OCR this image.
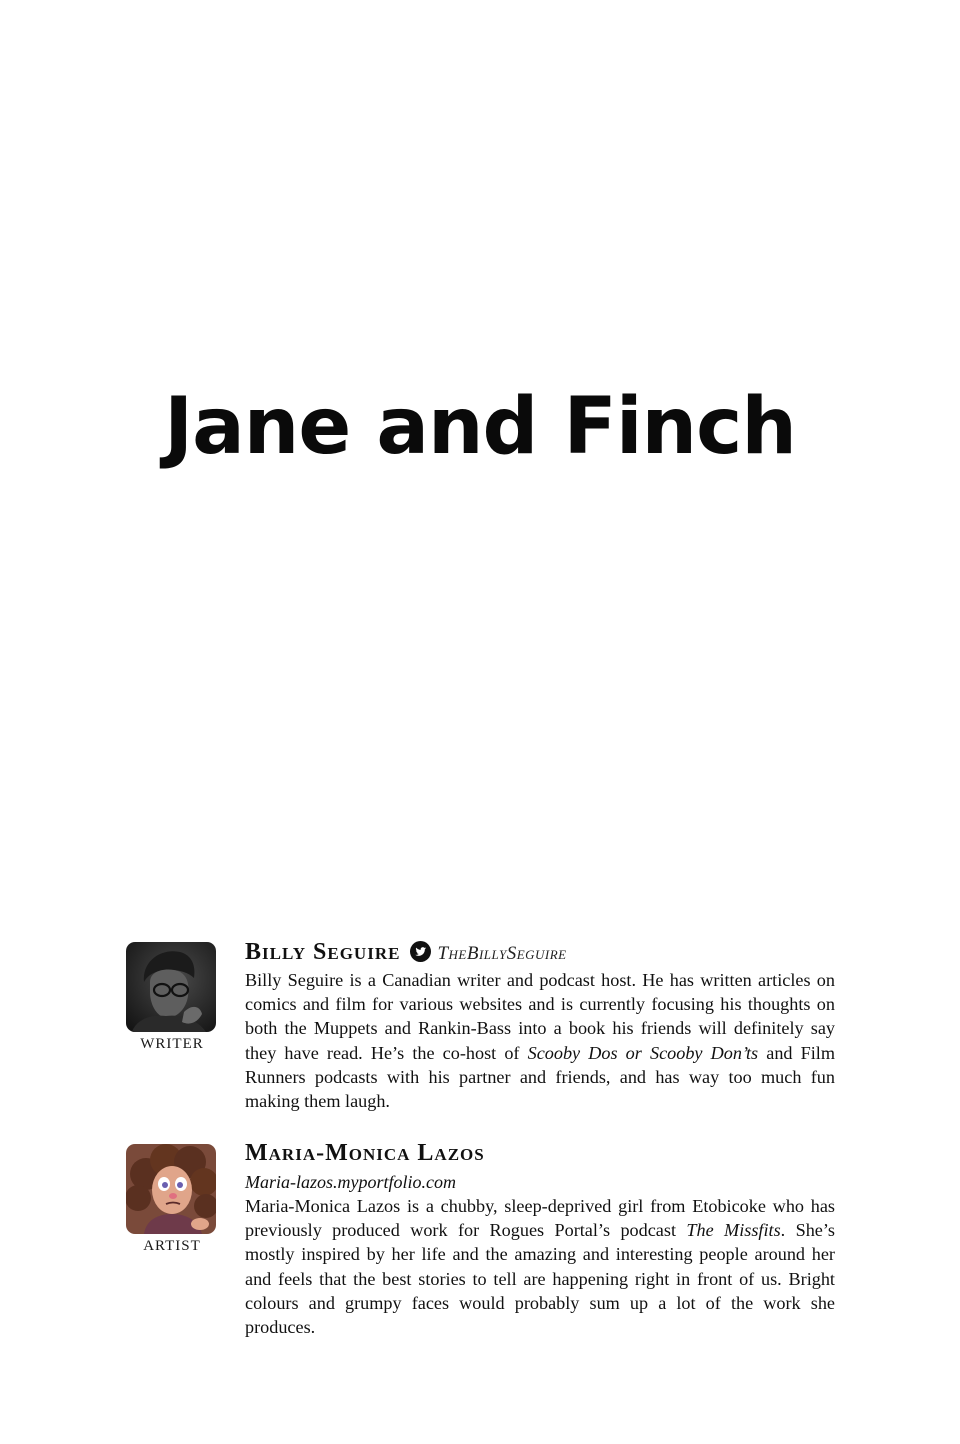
Jane and Finch
WRITER
Billy Seguire TheBillySeguire

Billy Seguire is a Canadian writer and podcast host. He has written articles on comics and film for various websites and is currently focusing his thoughts on both the Muppets and Rankin-Bass into a book his friends will definitely say they have read. He’s the co-host of Scooby Dos or Scooby Don’ts and Film Runners podcasts with his partner and friends, and has way too much fun making them laugh.

ARTIST
Maria-Monica Lazos
Maria-lazos.myportfolio.com

Maria-Monica Lazos is a chubby, sleep-deprived girl from Etobicoke who has previously produced work for Rogues Portal’s podcast The Missfits. She’s mostly inspired by her life and the amazing and interesting people around her and feels that the best stories to tell are happening right in front of us. Bright colours and grumpy faces would probably sum up a lot of the work she produces.
